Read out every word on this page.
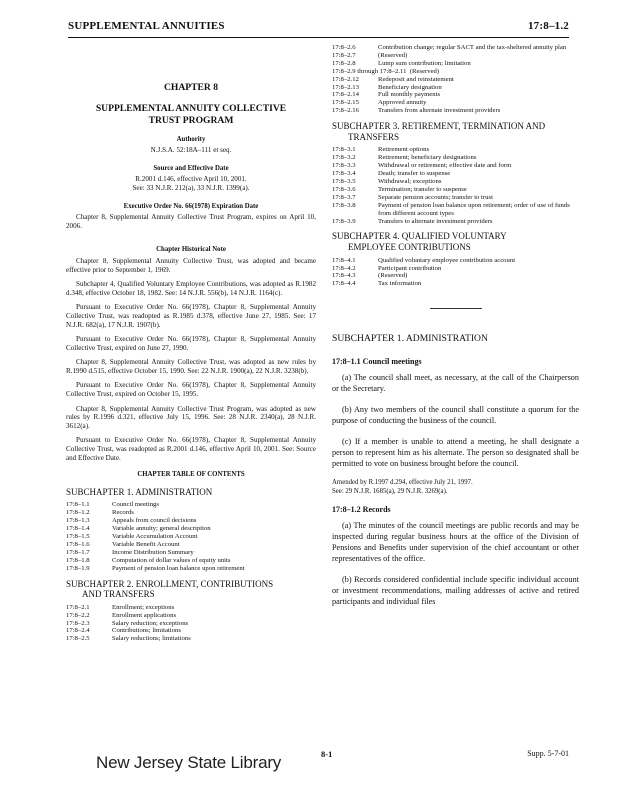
SUPPLEMENTAL ANNUITIES	17:8–1.2
CHAPTER 8
SUPPLEMENTAL ANNUITY COLLECTIVE
TRUST PROGRAM
Authority
N.J.S.A. 52:18A–111 et seq.
Source and Effective Date
R.2001 d.146, effective April 10, 2001.
See: 33 N.J.R. 212(a), 33 N.J.R. 1399(a).
Executive Order No. 66(1978) Expiration Date
Chapter 8, Supplemental Annuity Collective Trust Program, expires on April 10, 2006.
Chapter Historical Note

Chapter 8, Supplemental Annuity Collective Trust, was adopted and became effective prior to September 1, 1969.

Subchapter 4, Qualified Voluntary Employee Contributions, was adopted as R.1982 d.348, effective October 18, 1982. See: 14 N.J.R. 556(b), 14 N.J.R. 1164(c).

Pursuant to Executive Order No. 66(1978), Chapter 8, Supplemental Annuity Collective Trust, was readopted as R.1985 d.378, effective June 27, 1985. See: 17 N.J.R. 682(a), 17 N.J.R. 1907(b).

Pursuant to Executive Order No. 66(1978), Chapter 8, Supplemental Annuity Collective Trust, expired on June 27, 1990.

Chapter 8, Supplemental Annuity Collective Trust, was adopted as new rules by R.1990 d.515, effective October 15, 1990. See: 22 N.J.R. 1900(a), 22 N.J.R. 3238(b).

Pursuant to Executive Order No. 66(1978), Chapter 8, Supplemental Annuity Collective Trust, expired on October 15, 1995.

Chapter 8, Supplemental Annuity Collective Trust Program, was adopted as new rules by R.1996 d.321, effective July 15, 1996. See: 28 N.J.R. 2340(a), 28 N.J.R. 3612(a).

Pursuant to Executive Order No. 66(1978), Chapter 8, Supplemental Annuity Collective Trust, was readopted as R.2001 d.146, effective April 10, 2001. See: Source and Effective Date.

CHAPTER TABLE OF CONTENTS
SUBCHAPTER 1. ADMINISTRATION
17:8–1.1	Council meetings
17:8–1.2	Records
17:8–1.3	Appeals from council decisions
17:8–1.4	Variable annuity; general description
17:8–1.5	Variable Accumulation Account
17:8–1.6	Variable Benefit Account
17:8–1.7	Income Distribution Summary
17:8–1.8	Computation of dollar values of equity units
17:8–1.9	Payment of pension loan balance upon retirement
SUBCHAPTER 2. ENROLLMENT, CONTRIBUTIONS
AND TRANSFERS
17:8–2.1	Enrollment; exceptions
17:8–2.2	Enrollment applications
17:8–2.3	Salary reduction; exceptions
17:8–2.4	Contributions; limitations
17:8–2.5	Salary reductions; limitations
17:8–2.6	Contribution change; regular SACT and the tax-sheltered annuity plan
17:8–2.7	(Reserved)
17:8–2.8	Lump sum contribution; limitation
17:8–2.9 through 17:8–2.11 (Reserved)	
17:8–2.12	Redeposit and reinstatement
17:8–2.13	Beneficiary designation
17:8–2.14	Full monthly payments
17:8–2.15	Approved annuity
17:8–2.16	Transfers from alternate investment providers
SUBCHAPTER 3. RETIREMENT, TERMINATION AND
TRANSFERS
17:8–3.1	Retirement options
17:8–3.2	Retirement; beneficiary designations
17:8–3.3	Withdrawal or retirement; effective date and form
17:8–3.4	Death; transfer to suspense
17:8–3.5	Withdrawal; exceptions
17:8–3.6	Termination; transfer to suspense
17:8–3.7	Separate pension accounts; transfer to trust
17:8–3.8	Payment of pension loan balance upon retirement; order of use of funds from different account types
17:8–3.9	Transfers to alternate investment providers
SUBCHAPTER 4. QUALIFIED VOLUNTARY
EMPLOYEE CONTRIBUTIONS
17:8–4.1	Qualified voluntary employee contribution account
17:8–4.2	Participant contribution
17:8–4.3	(Reserved)
17:8–4.4	Tax information
SUBCHAPTER 1. ADMINISTRATION
17:8–1.1 Council meetings

(a) The council shall meet, as necessary, at the call of the Chairperson or the Secretary.

(b) Any two members of the council shall constitute a quorum for the purpose of conducting the business of the council.

(c) If a member is unable to attend a meeting, he shall designate a person to represent him as his alternate. The person so designated shall be permitted to vote on business brought before the council.

Amended by R.1997 d.294, effective July 21, 1997.
See: 29 N.J.R. 1685(a), 29 N.J.R. 3269(a).
17:8–1.2 Records

(a) The minutes of the council meetings are public records and may be inspected during regular business hours at the office of the Division of Pensions and Benefits under supervision of the chief accountant or other representatives of the office.

(b) Records considered confidential include specific individual account or investment recommendations, mailing addresses of active and retired participants and individual files

New Jersey State Library	8-1	Supp. 5-7-01
